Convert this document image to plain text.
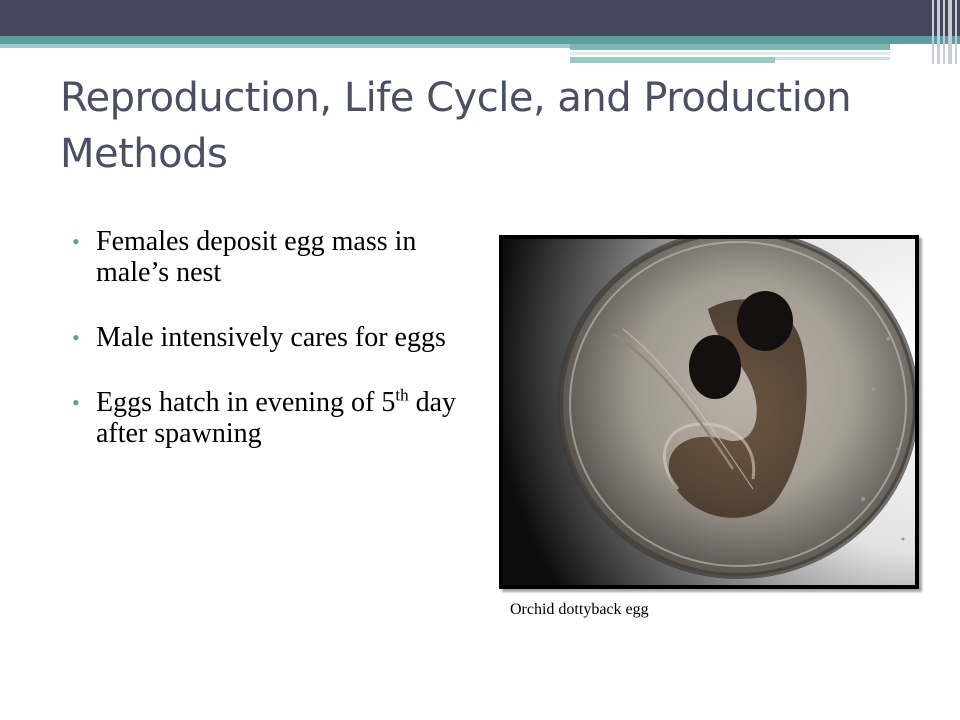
Reproduction, Life Cycle, and Production Methods
• Females deposit egg mass in male’s nest
• Male intensively cares for eggs
• Eggs hatch in evening of 5th day after spawning
Orchid dottyback egg
